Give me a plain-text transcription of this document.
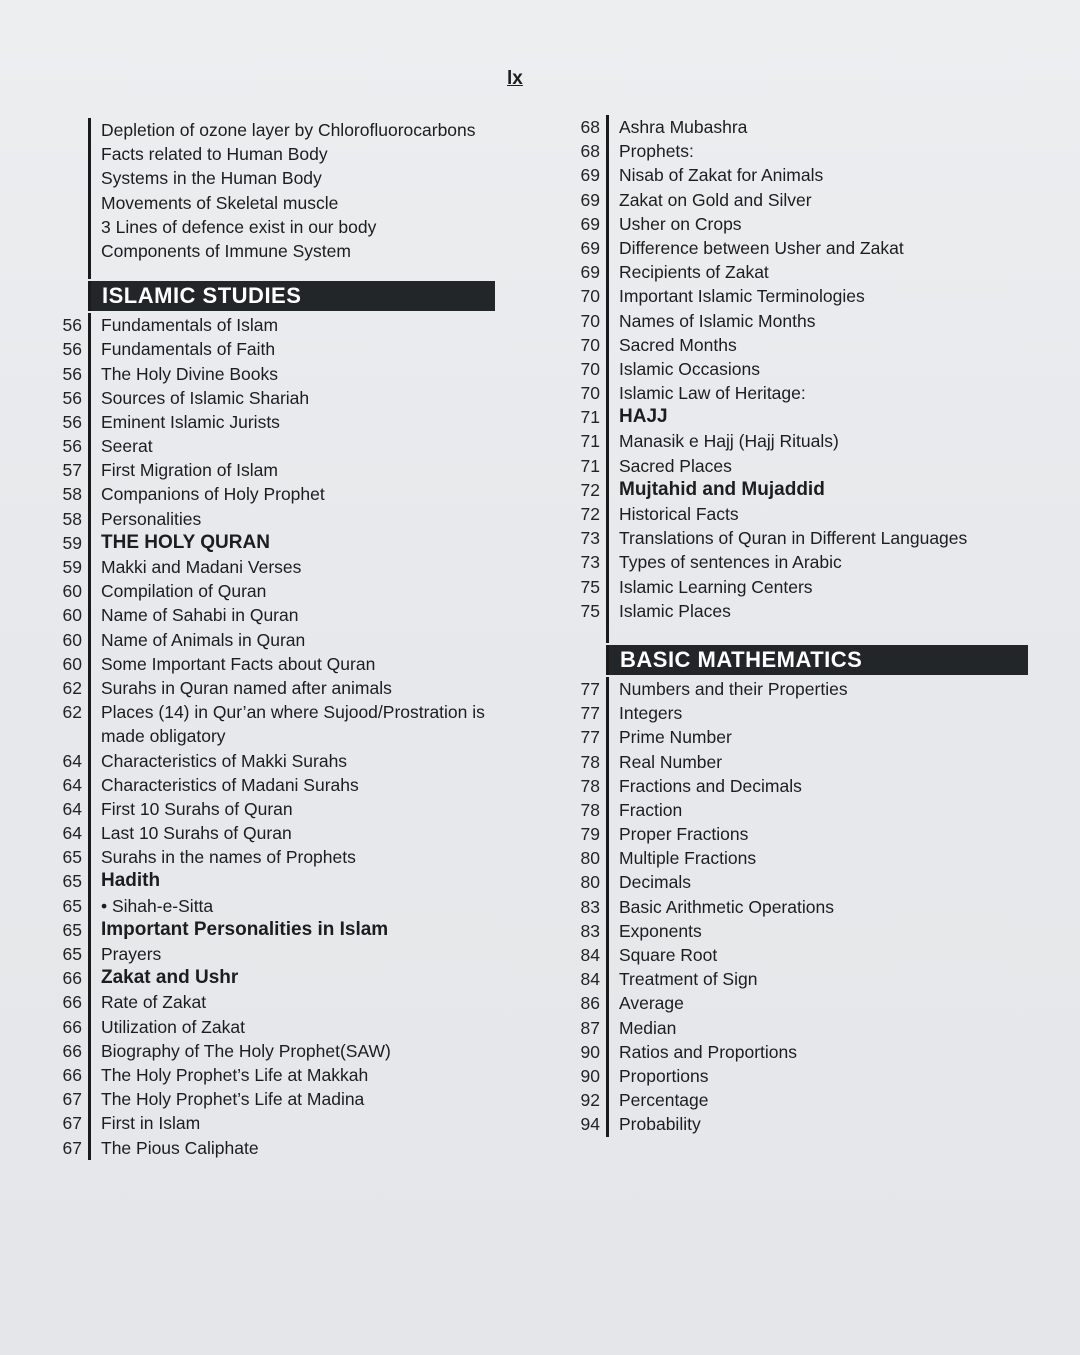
lx
Depletion of ozone layer by Chlorofluorocarbons
Facts related to Human Body
Systems in the Human Body
Movements of Skeletal muscle
3 Lines of defence exist in our body
Components of Immune System
ISLAMIC STUDIES
56	Fundamentals of Islam
56	Fundamentals of Faith
56	The Holy Divine Books
56	Sources of Islamic Shariah
56	Eminent Islamic Jurists
56	Seerat
57	First Migration of Islam
58	Companions of Holy Prophet
58	Personalities
59	THE HOLY QURAN
59	Makki and Madani Verses
60	Compilation of Quran
60	Name of Sahabi in Quran
60	Name of Animals in Quran
60	Some Important Facts about Quran
62	Surahs in Quran named after animals
62	Places (14) in Qur’an where Sujood/Prostration is made obligatory
64	Characteristics of Makki Surahs
64	Characteristics of Madani Surahs
64	First 10 Surahs of Quran
64	Last 10 Surahs of Quran
65	Surahs in the names of Prophets
65	Hadith
65	• Sihah-e-Sitta
65	Important Personalities in Islam
65	Prayers
66	Zakat and Ushr
66	Rate of Zakat
66	Utilization of Zakat
66	Biography of The Holy Prophet(SAW)
66	The Holy Prophet’s Life at Makkah
67	The Holy Prophet’s Life at Madina
67	First in Islam
67	The Pious Caliphate
68	Ashra Mubashra
68	Prophets:
69	Nisab of Zakat for Animals
69	Zakat on Gold and Silver
69	Usher on Crops
69	Difference between Usher and Zakat
69	Recipients of Zakat
70	Important Islamic Terminologies
70	Names of Islamic Months
70	Sacred Months
70	Islamic Occasions
70	Islamic Law of Heritage:
71	HAJJ
71	Manasik e Hajj (Hajj Rituals)
71	Sacred Places
72	Mujtahid and Mujaddid
72	Historical Facts
73	Translations of Quran in Different Languages
73	Types of sentences in Arabic
75	Islamic Learning Centers
75	Islamic Places
BASIC MATHEMATICS
77	Numbers and their Properties
77	Integers
77	Prime Number
78	Real Number
78	Fractions and Decimals
78	Fraction
79	Proper Fractions
80	Multiple Fractions
80	Decimals
83	Basic Arithmetic Operations
83	Exponents
84	Square Root
84	Treatment of Sign
86	Average
87	Median
90	Ratios and Proportions
90	Proportions
92	Percentage
94	Probability
